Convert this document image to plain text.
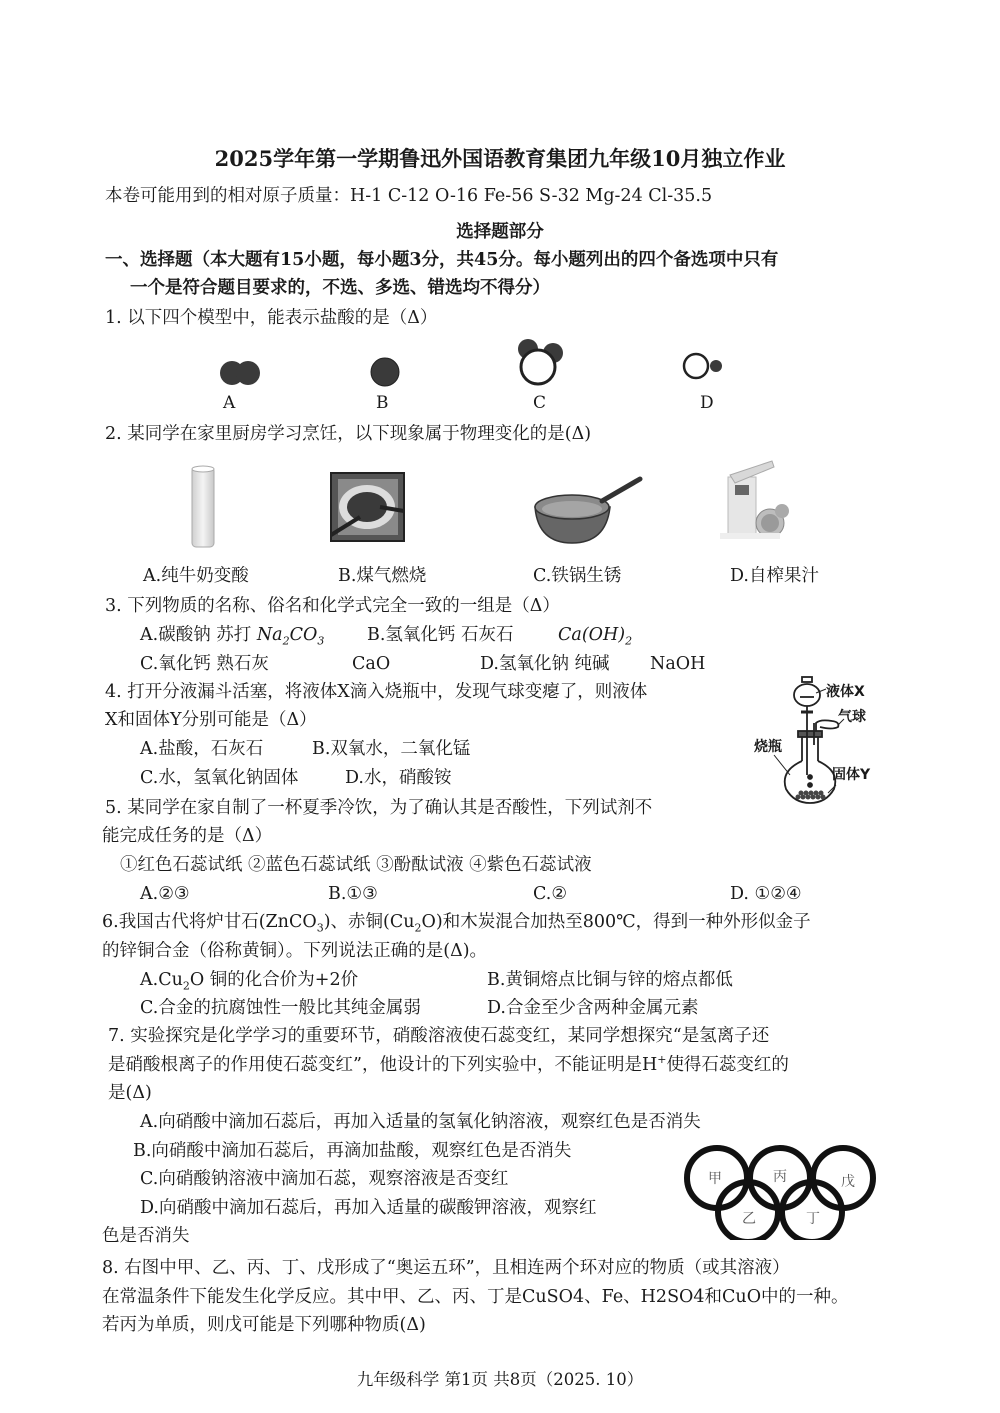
2025学年第一学期鲁迅外国语教育集团九年级10月独立作业
本卷可能用到的相对原子质量：H-1 C-12 O-16 Fe-56 S-32 Mg-24 Cl-35.5
选择题部分
一、选择题（本大题有15小题，每小题3分，共45分。每小题列出的四个备选项中只有
一个是符合题目要求的，不选、多选、错选均不得分）
1. 以下四个模型中，能表示盐酸的是（Δ）
A	B	C	D
2. 某同学在家里厨房学习烹饪，以下现象属于物理变化的是(Δ)
A.纯牛奶变酸	B.煤气燃烧	C.铁锅生锈	D.自榨果汁
3. 下列物质的名称、俗名和化学式完全一致的一组是（Δ）
A.碳酸钠 苏打 $Na_2CO_3$ B.氢氧化钙 石灰石	$Ca(OH)_2$
C.氧化钙 熟石灰	CaO	D.氢氧化钠 纯碱 NaOH
4. 打开分液漏斗活塞，将液体X滴入烧瓶中，发现气球变瘪了，则液体
X和固体Y分别可能是（Δ）
A.盐酸，石灰石	B.双氧水，二氧化锰
C.水，氢氧化钠固体	D.水，硝酸铵
液体X
气球
烧瓶
固体Y
5. 某同学在家自制了一杯夏季冷饮，为了确认其是否酸性，下列试剂不
能完成任务的是（Δ）
①红色石蕊试纸 ②蓝色石蕊试纸 ③酚酞试液 ④紫色石蕊试液
A.②③	B.①③	C.②	D. ①②④
6.我国古代将炉甘石(ZnCO$_3$)、赤铜$(Cu_2O)$和木炭混合加热至800℃，得到一种外形似金子
的锌铜合金（俗称黄铜）。下列说法正确的是(Δ)。
$A.Cu_2O$ 铜的化合价为+2价	B.黄铜熔点比铜与锌的熔点都低
C.合金的抗腐蚀性一般比其纯金属弱	D.合金至少含两种金属元素
7. 实验探究是化学学习的重要环节，硝酸溶液使石蕊变红，某同学想探究“是氢离子还
是硝酸根离子的作用使石蕊变红”，他设计的下列实验中，不能证明是H+使得石蕊变红的
是(Δ)
A.向硝酸中滴加石蕊后，再加入适量的氢氧化钠溶液，观察红色是否消失
B.向硝酸中滴加石蕊后，再滴加盐酸，观察红色是否消失
C.向硝酸钠溶液中滴加石蕊，观察溶液是否变红
D.向硝酸中滴加石蕊后，再加入适量的碳酸钾溶液，观察红
色是否消失
甲	丙	戊
乙	丁
8. 右图中甲、乙、丙、丁、戊形成了“奥运五环”，且相连两个环对应的物质（或其溶液）
在常温条件下能发生化学反应。其中甲、乙、丙、丁是CuSO4、Fe、H2SO4和CuO中的一种。
若丙为单质，则戊可能是下列哪种物质(Δ)
九年级科学 第1页 共8页（2025. 10）
